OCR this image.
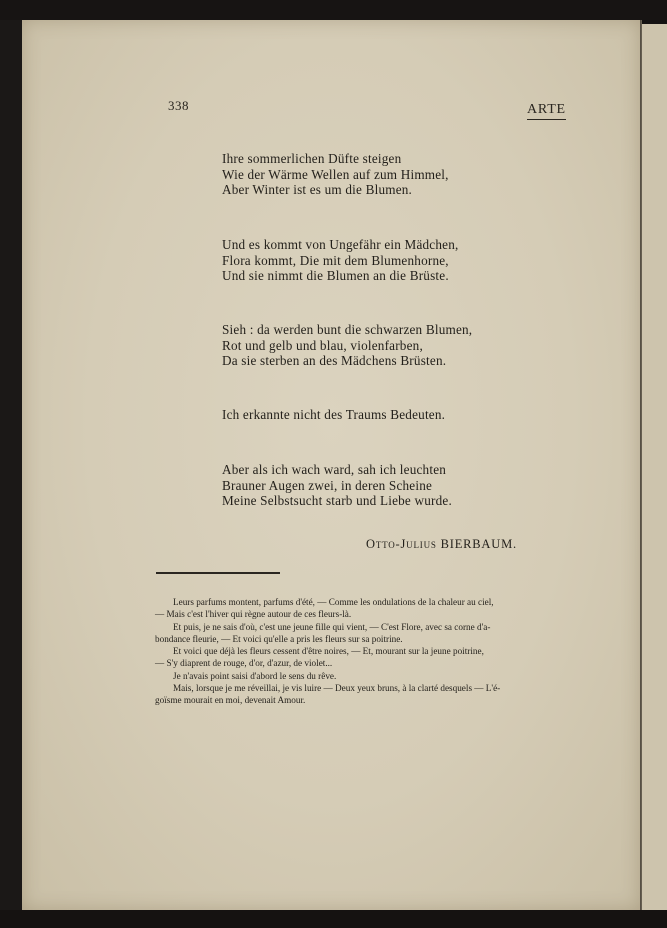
338	ARTE
Ihre sommerlichen Düfte steigen
Wie der Wärme Wellen auf zum Himmel,
Aber Winter ist es um die Blumen.
Und es kommt von Ungefähr ein Mädchen,
Flora kommt, Die mit dem Blumenhorne,
Und sie nimmt die Blumen an die Brüste.
Sieh : da werden bunt die schwarzen Blumen,
Rot und gelb und blau, violenfarben,
Da sie sterben an des Mädchens Brüsten.
Ich erkannte nicht des Traums Bedeuten.
Aber als ich wach ward, sah ich leuchten
Brauner Augen zwei, in deren Scheine
Meine Selbstsucht starb und Liebe wurde.
Otto-Julius BIERBAUM.
Leurs parfums montent, parfums d'été, — Comme les ondulations de la chaleur au ciel,
— Mais c'est l'hiver qui règne autour de ces fleurs-là.
Et puis, je ne sais d'où, c'est une jeune fille qui vient, — C'est Flore, avec sa corne d'a-
bondance fleurie, — Et voici qu'elle a pris les fleurs sur sa poitrine.
Et voici que déjà les fleurs cessent d'être noires, — Et, mourant sur la jeune poitrine,
— S'y diaprent de rouge, d'or, d'azur, de violet...
Je n'avais point saisi d'abord le sens du rêve.
Mais, lorsque je me réveillai, je vis luire — Deux yeux bruns, à la clarté desquels — L'é-
goïsme mourait en moi, devenait Amour.
